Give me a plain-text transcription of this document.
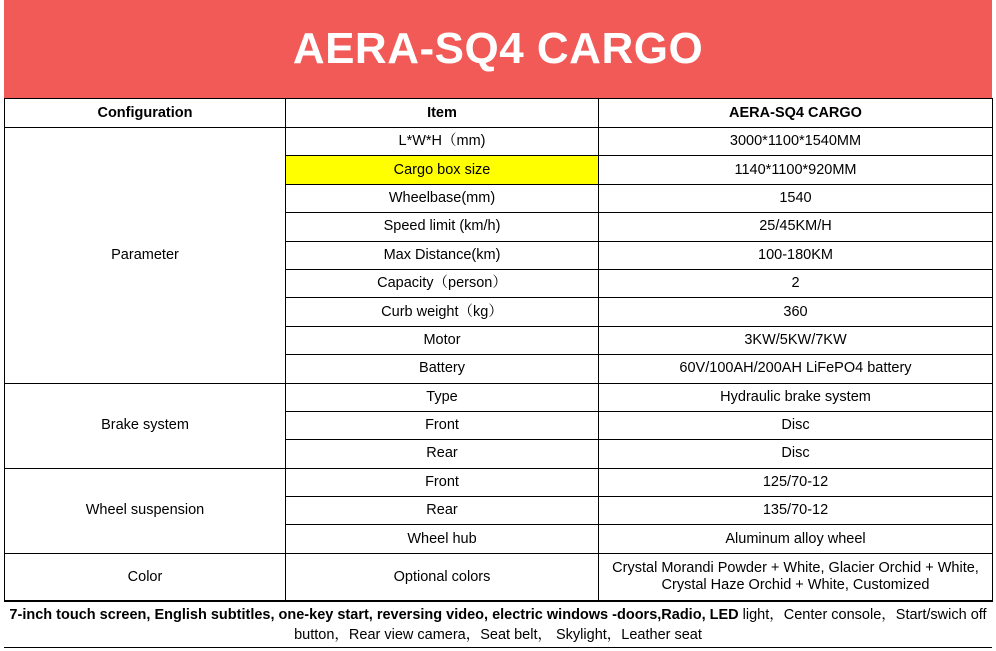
AERA-SQ4 CARGO
Configuration	Item	AERA-SQ4 CARGO
Parameter	L*W*H（mm)	3000*1100*1540MM
	Cargo box size	1140*1100*920MM
	Wheelbase(mm)	1540
	Speed limit (km/h)	25/45KM/H
	Max Distance(km)	100-180KM
	Capacity（person）	2
	Curb weight（kg）	360
	Motor	3KW/5KW/7KW
	Battery	60V/100AH/200AH LiFePO4 battery
Brake system	Type	Hydraulic brake system
	Front	Disc
	Rear	Disc
Wheel suspension	Front	125/70-12
	Rear	135/70-12
	Wheel hub	Aluminum alloy wheel
Color	Optional colors	Crystal Morandi Powder + White, Glacier Orchid + White, Crystal Haze Orchid + White, Customized
7-inch touch screen, English subtitles, one-key start, reversing video, electric windows -doors,Radio, LED light，Center console，Start/swich off button，Rear view camera，Seat belt， Skylight，Leather seat
